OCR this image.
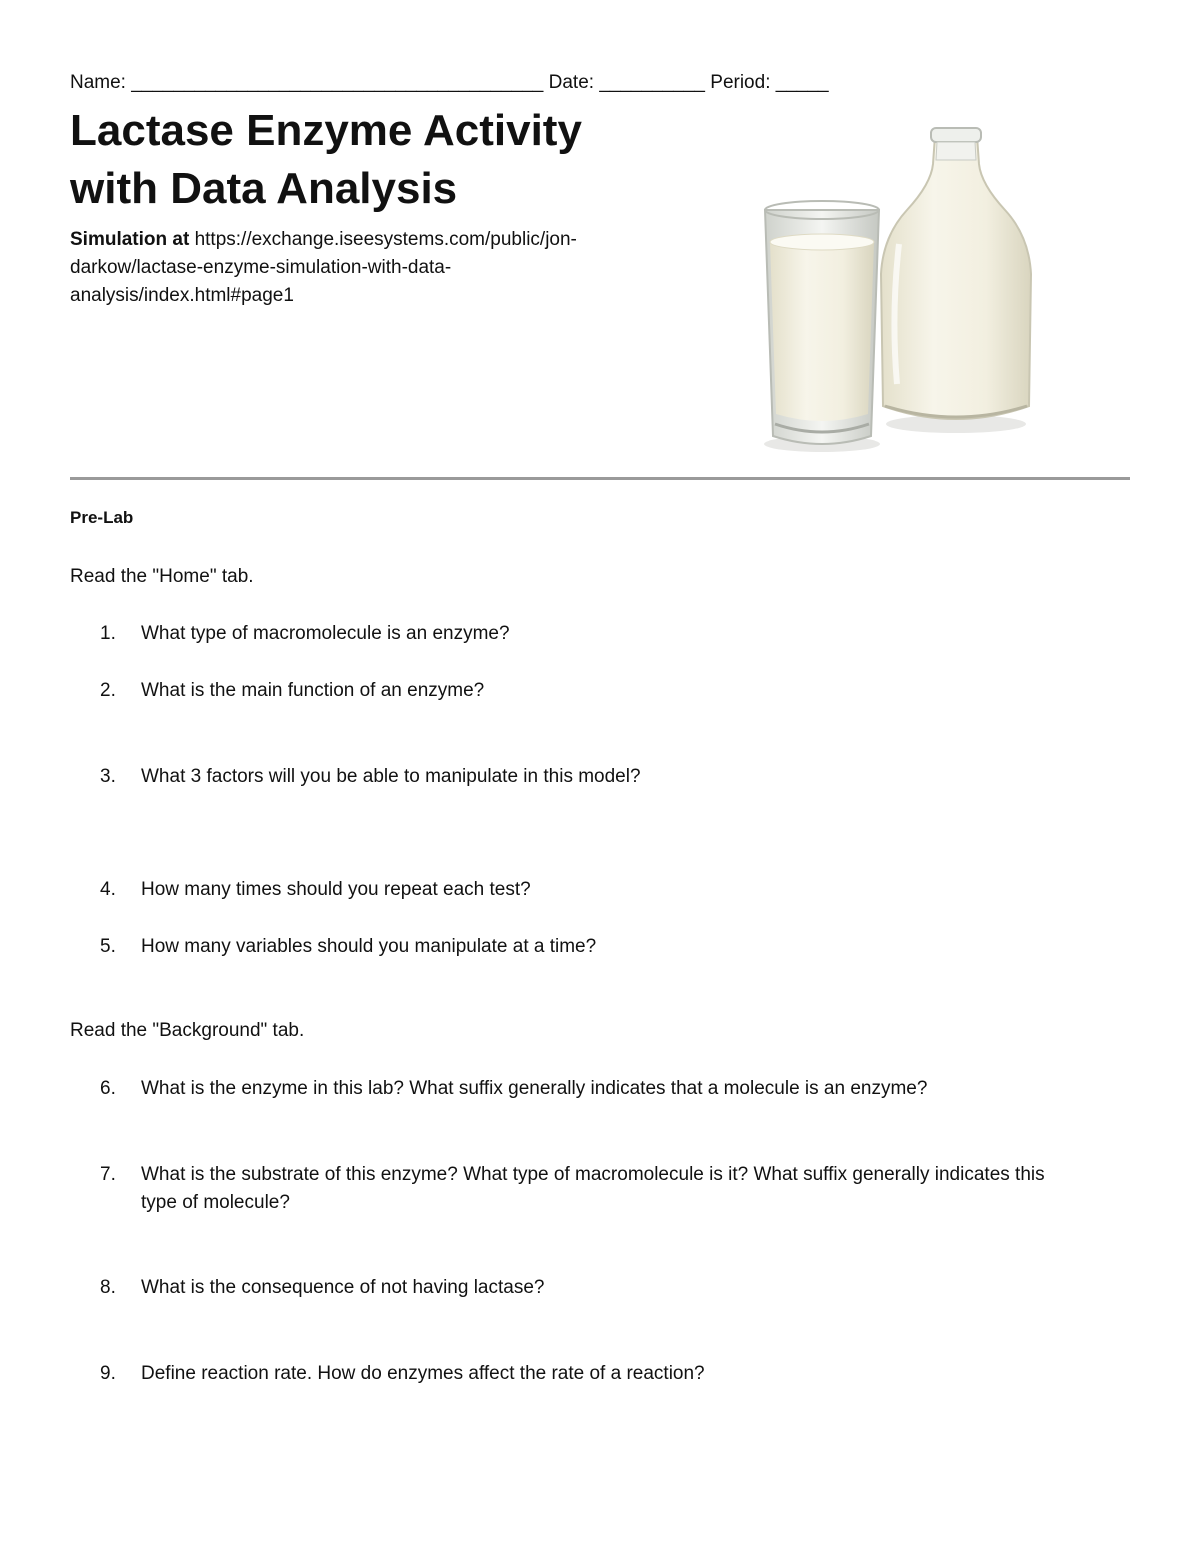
Name: _______________________________________ Date: __________ Period: _____
Lactase Enzyme Activity
with Data Analysis
Simulation at https://exchange.iseesystems.com/public/jon-darkow/lactase-enzyme-simulation-with-data-analysis/index.html#page1
Pre-Lab
Read the "Home" tab.
1.	What type of macromolecule is an enzyme?
2.	What is the main function of an enzyme?
3.	What 3 factors will you be able to manipulate in this model?
4.	How many times should you repeat each test?
5.	How many variables should you manipulate at a time?
Read the "Background" tab.
6.	What is the enzyme in this lab? What suffix generally indicates that a molecule is an enzyme?
7.	What is the substrate of this enzyme? What type of macromolecule is it? What suffix generally indicates this type of molecule?
8.	What is the consequence of not having lactase?
9.	Define reaction rate. How do enzymes affect the rate of a reaction?
